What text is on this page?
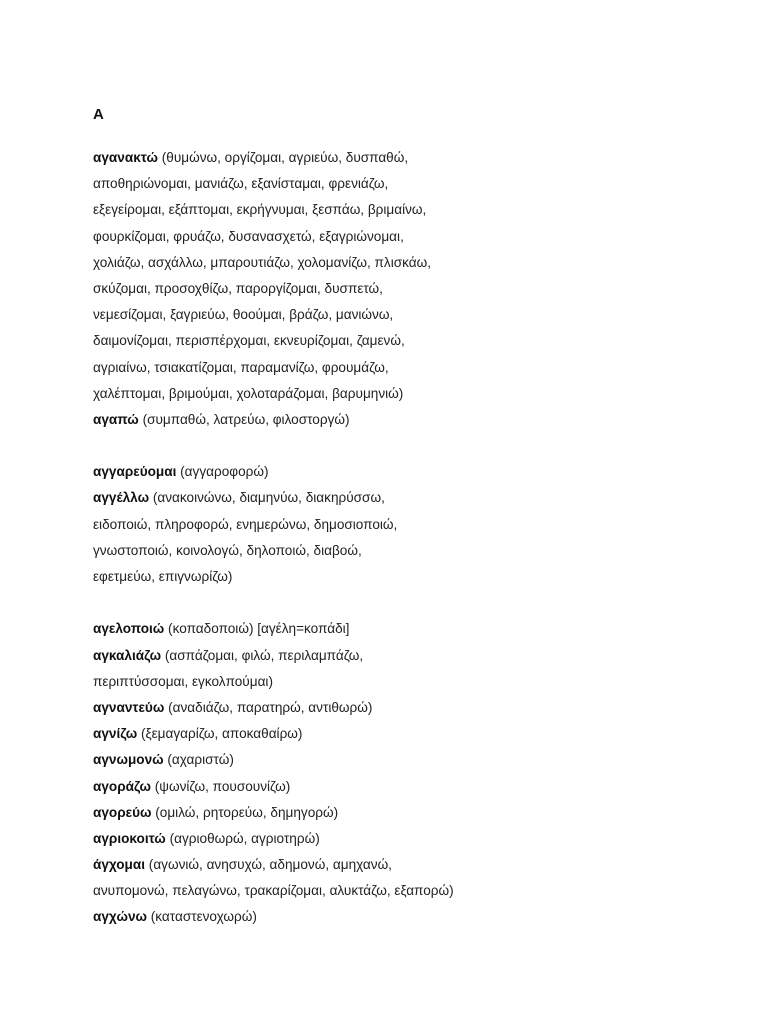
A
αγανακτώ (θυμώνω, οργίζομαι, αγριεύω, δυσπαθώ,
αποθηριώνομαι, μανιάζω, εξανίσταμαι, φρενιάζω,
εξεγείρομαι, εξάπτομαι, εκρήγνυμαι, ξεσπάω, βριμαίνω,
φουρκίζομαι, φρυάζω, δυσανασχετώ, εξαγριώνομαι,
χολιάζω, ασχάλλω, μπαρουτιάζω, χολομανίζω, πλισκάω,
σκύζομαι, προσοχθίζω, παροργίζομαι, δυσπετώ,
νεμεσίζομαι, ξαγριεύω, θοούμαι, βράζω, μανιώνω,
δαιμονίζομαι, περισπέρχομαι, εκνευρίζομαι, ζαμενώ,
αγριαίνω, τσιακατίζομαι, παραμανίζω, φρουμάζω,
χαλέπτομαι, βριμούμαι, χολοταράζομαι, βαρυμηνιώ)
αγαπώ (συμπαθώ, λατρεύω, φιλοστοργώ)
αγγαρεύομαι (αγγαροφορώ)
αγγέλλω (ανακοινώνω, διαμηνύω, διακηρύσσω,
ειδοποιώ, πληροφορώ, ενημερώνω, δημοσιοποιώ,
γνωστοποιώ, κοινολογώ, δηλοποιώ, διαβοώ,
εφετμεύω, επιγνωρίζω)
αγελοποιώ (κοπαδοποιώ) [αγέλη=κοπάδι]
αγκαλιάζω (ασπάζομαι, φιλώ, περιλαμπάζω,
περιπτύσσομαι, εγκολπούμαι)
αγναντεύω (αναδιάζω, παρατηρώ, αντιθωρώ)
αγνίζω (ξεμαγαρίζω, αποκαθαίρω)
αγνωμονώ (αχαριστώ)
αγοράζω (ψωνίζω, πουσουνίζω)
αγορεύω (ομιλώ, ρητορεύω, δημηγορώ)
αγριοκοιτώ (αγριοθωρώ, αγριοτηρώ)
άγχομαι (αγωνιώ, ανησυχώ, αδημονώ, αμηχανώ,
ανυπομονώ, πελαγώνω, τρακαρίζομαι, αλυκτάζω, εξαπορώ)
αγχώνω (καταστενοχωρώ)
